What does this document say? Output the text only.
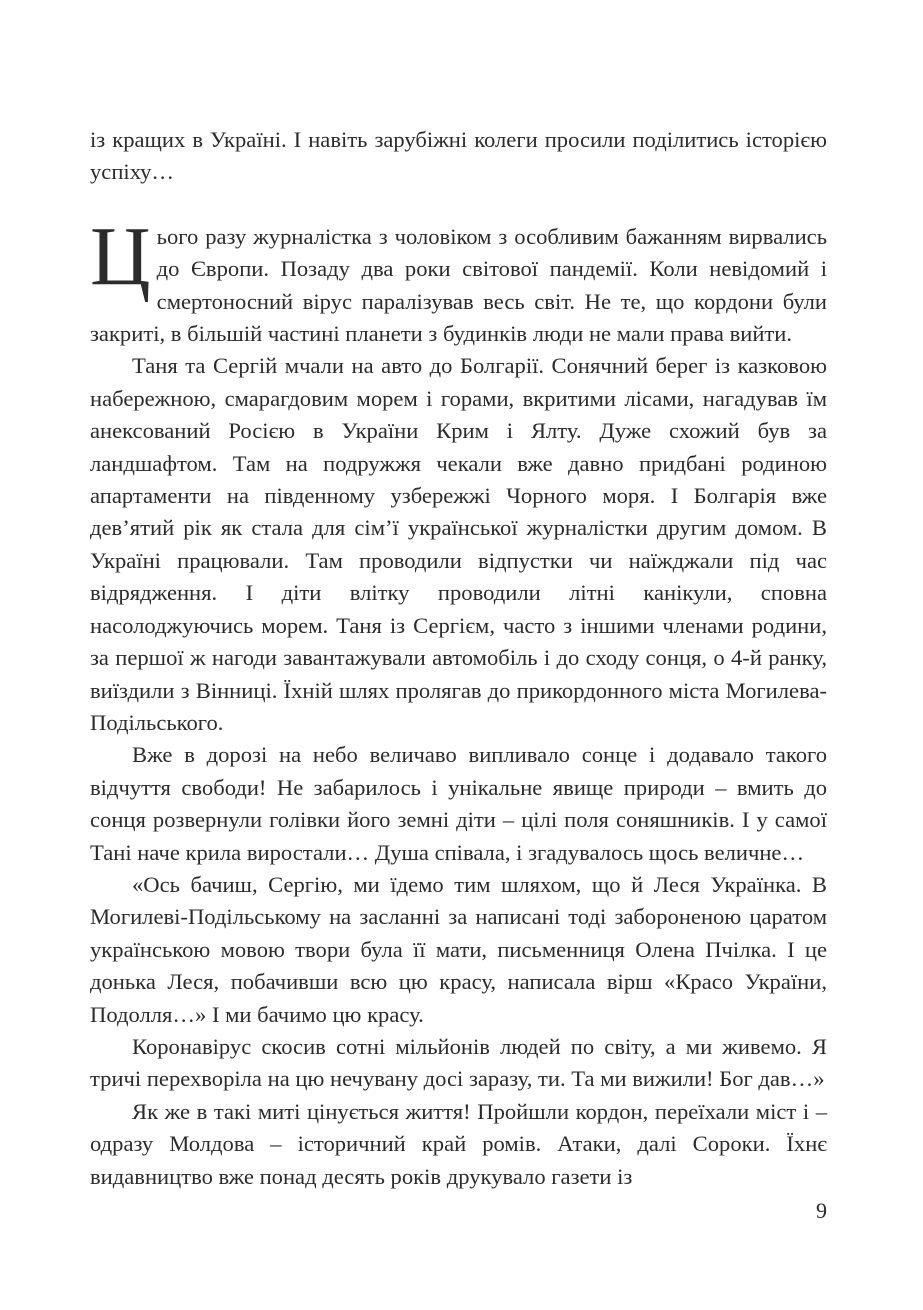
із кращих в Україні. І навіть зарубіжні колеги просили поділитись історією успіху…

Цього разу журналістка з чоловіком з особливим бажанням вирвались до Європи. Позаду два роки світової пандемії. Коли невідомий і смертоносний вірус паралізував весь світ. Не те, що кордони були закриті, в більшій частині планети з будинків люди не мали права вийти.

Таня та Сергій мчали на авто до Болгарії. Сонячний берег із казковою набережною, смарагдовим морем і горами, вкритими лісами, нагадував їм анексований Росією в України Крим і Ялту. Дуже схожий був за ландшафтом. Там на подружжя чекали вже давно придбані родиною апартаменти на південному узбережжі Чорного моря. І Болгарія вже дев’ятий рік як стала для сім’ї української журналістки другим домом. В Україні працювали. Там проводили відпустки чи наїжджали під час відрядження. І діти влітку проводили літні канікули, сповна насолоджуючись морем. Таня із Сергієм, часто з іншими членами родини, за першої ж нагоди завантажували автомобіль і до сходу сонця, о 4-й ранку, виїздили з Вінниці. Їхній шлях пролягав до прикордонного міста Могилева-Подільського.

Вже в дорозі на небо величаво випливало сонце і додавало такого відчуття свободи! Не забарилось і унікальне явище природи – вмить до сонця розвернули голівки його земні діти – цілі поля соняшників. І у самої Тані наче крила виростали… Душа співала, і згадувалось щось величне…

«Ось бачиш, Сергію, ми їдемо тим шляхом, що й Леся Українка. В Могилеві-Подільському на засланні за написані тоді забороненою царатом українською мовою твори була її мати, письменниця Олена Пчілка. І це донька Леся, побачивши всю цю красу, написала вірш «Красо України, Подолля…» І ми бачимо цю красу.

Коронавірус скосив сотні мільйонів людей по світу, а ми живемо. Я тричі перехворіла на цю нечувану досі заразу, ти. Та ми вижили! Бог дав…»

Як же в такі миті цінується життя! Пройшли кордон, переїхали міст і – одразу Молдова – історичний край ромів. Атаки, далі Сороки. Їхнє видавництво вже понад десять років друкувало газети із

9
